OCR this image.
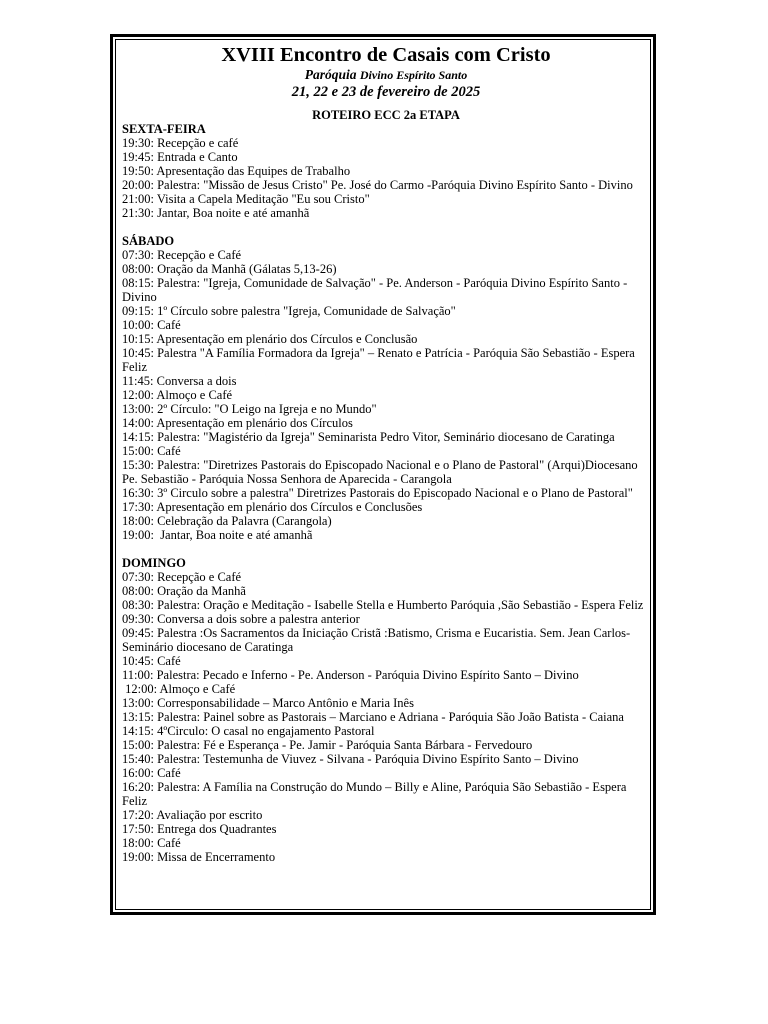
XVIII Encontro de Casais com Cristo

Paróquia Divino Espírito Santo

21, 22 e 23 de fevereiro de 2025

ROTEIRO ECC 2a ETAPA

SEXTA-FEIRA
19:30: Recepção e café
19:45: Entrada e Canto
19:50: Apresentação das Equipes de Trabalho
20:00: Palestra: "Missão de Jesus Cristo" Pe. José do Carmo -Paróquia Divino Espírito Santo - Divino
21:00: Visita a Capela Meditação "Eu sou Cristo"
21:30: Jantar, Boa noite e até amanhã
SÁBADO
07:30: Recepção e Café
08:00: Oração da Manhã (Gálatas 5,13-26)
08:15: Palestra: "Igreja, Comunidade de Salvação" - Pe. Anderson - Paróquia Divino Espírito Santo - Divino
09:15: 1º Círculo sobre palestra "Igreja, Comunidade de Salvação"
10:00: Café
10:15: Apresentação em plenário dos Círculos e Conclusão
10:45: Palestra "A Família Formadora da Igreja" – Renato e Patrícia - Paróquia São Sebastião - Espera Feliz
11:45: Conversa a dois
12:00: Almoço e Café
13:00: 2º Círculo: "O Leigo na Igreja e no Mundo"
14:00: Apresentação em plenário dos Círculos
14:15: Palestra: "Magistério da Igreja" Seminarista Pedro Vitor, Seminário diocesano de Caratinga
15:00: Café
15:30: Palestra: "Diretrizes Pastorais do Episcopado Nacional e o Plano de Pastoral" (Arqui)Diocesano Pe. Sebastião - Paróquia Nossa Senhora de Aparecida - Carangola
16:30: 3º Circulo sobre a palestra" Diretrizes Pastorais do Episcopado Nacional e o Plano de Pastoral"
17:30: Apresentação em plenário dos Círculos e Conclusões
18:00: Celebração da Palavra (Carangola)
19:00:  Jantar, Boa noite e até amanhã
DOMINGO
07:30: Recepção e Café
08:00: Oração da Manhã
08:30: Palestra: Oração e Meditação - Isabelle Stella e Humberto Paróquia ,São Sebastião - Espera Feliz
09:30: Conversa a dois sobre a palestra anterior
09:45: Palestra :Os Sacramentos da Iniciação Cristã :Batismo, Crisma e Eucaristia. Sem. Jean Carlos-Seminário diocesano de Caratinga
10:45: Café
11:00: Palestra: Pecado e Inferno - Pe. Anderson - Paróquia Divino Espírito Santo – Divino
12:00: Almoço e Café
13:00: Corresponsabilidade – Marco Antônio e Maria Inês
13:15: Palestra: Painel sobre as Pastorais – Marciano e Adriana - Paróquia São João Batista - Caiana
14:15: 4ºCirculo: O casal no engajamento Pastoral
15:00: Palestra: Fé e Esperança - Pe. Jamir - Paróquia Santa Bárbara - Fervedouro
15:40: Palestra: Testemunha de Viuvez - Silvana - Paróquia Divino Espírito Santo – Divino
16:00: Café
16:20: Palestra: A Família na Construção do Mundo – Billy e Aline, Paróquia São Sebastião - Espera Feliz
17:20: Avaliação por escrito
17:50: Entrega dos Quadrantes
18:00: Café
19:00: Missa de Encerramento
